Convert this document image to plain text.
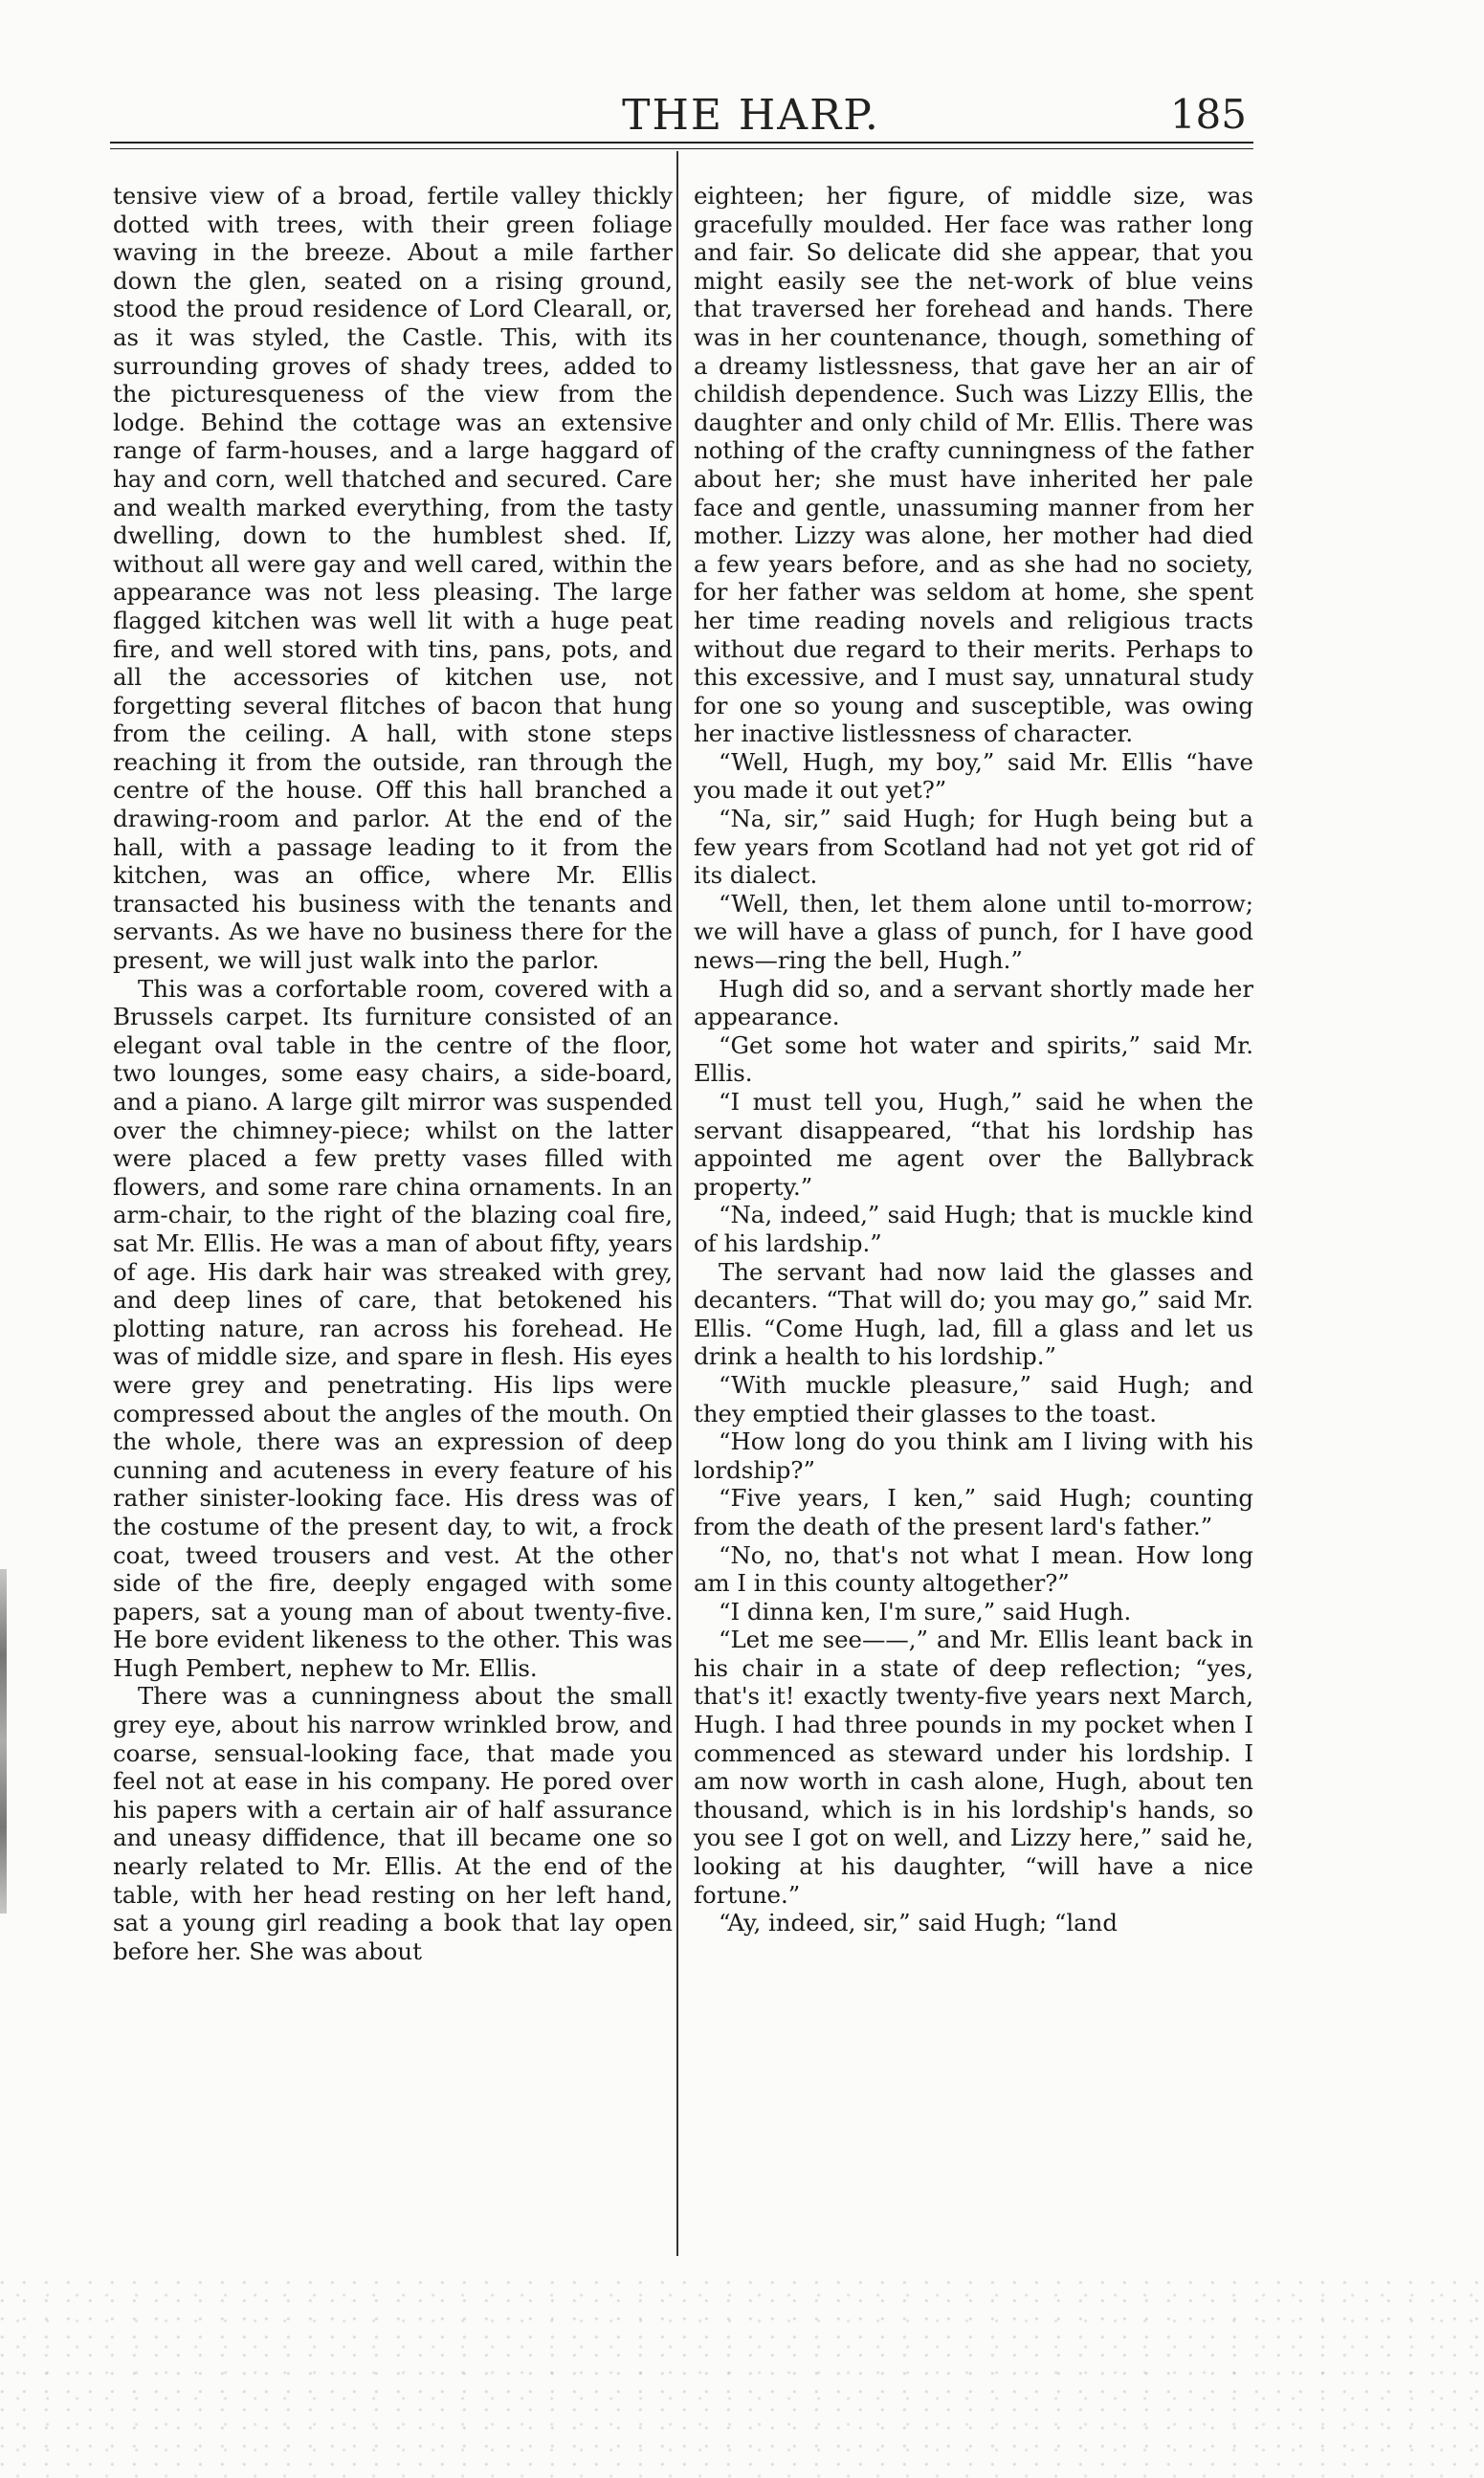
THE HARP.	185

tensive view of a broad, fertile valley thickly dotted with trees, with their green foliage waving in the breeze. About a mile farther down the glen, seated on a rising ground, stood the proud residence of Lord Clearall, or, as it was styled, the Castle. This, with its surrounding groves of shady trees, added to the picturesqueness of the view from the lodge. Behind the cottage was an extensive range of farm-houses, and a large haggard of hay and corn, well thatched and secured. Care and wealth marked everything, from the tasty dwelling, down to the humblest shed. If, without all were gay and well cared, within the appearance was not less pleasing. The large flagged kitchen was well lit with a huge peat fire, and well stored with tins, pans, pots, and all the accessories of kitchen use, not forgetting several flitches of bacon that hung from the ceiling. A hall, with stone steps reaching it from the outside, ran through the centre of the house. Off this hall branched a drawing-room and parlor. At the end of the hall, with a passage leading to it from the kitchen, was an office, where Mr. Ellis transacted his business with the tenants and servants. As we have no business there for the present, we will just walk into the parlor.

This was a corfortable room, covered with a Brussels carpet. Its furniture consisted of an elegant oval table in the centre of the floor, two lounges, some easy chairs, a side-board, and a piano. A large gilt mirror was suspended over the chimney-piece; whilst on the latter were placed a few pretty vases filled with flowers, and some rare china ornaments. In an arm-chair, to the right of the blazing coal fire, sat Mr. Ellis. He was a man of about fifty, years of age. His dark hair was streaked with grey, and deep lines of care, that betokened his plotting nature, ran across his forehead. He was of middle size, and spare in flesh. His eyes were grey and penetrating. His lips were compressed about the angles of the mouth. On the whole, there was an expression of deep cunning and acuteness in every feature of his rather sinister-looking face. His dress was of the costume of the present day, to wit, a frock coat, tweed trousers and vest. At the other side of the fire, deeply engaged with some papers, sat a young man of about twenty-five. He bore evident likeness to the other. This was Hugh Pembert, nephew to Mr. Ellis.

There was a cunningness about the small grey eye, about his narrow wrinkled brow, and coarse, sensual-looking face, that made you feel not at ease in his company. He pored over his papers with a certain air of half assurance and uneasy diffidence, that ill became one so nearly related to Mr. Ellis. At the end of the table, with her head resting on her left hand, sat a young girl reading a book that lay open before her. She was about

eighteen; her figure, of middle size, was gracefully moulded. Her face was rather long and fair. So delicate did she appear, that you might easily see the net-work of blue veins that traversed her forehead and hands. There was in her countenance, though, something of a dreamy listlessness, that gave her an air of childish dependence. Such was Lizzy Ellis, the daughter and only child of Mr. Ellis. There was nothing of the crafty cunningness of the father about her; she must have inherited her pale face and gentle, unassuming manner from her mother. Lizzy was alone, her mother had died a few years before, and as she had no society, for her father was seldom at home, she spent her time reading novels and religious tracts without due regard to their merits. Perhaps to this excessive, and I must say, unnatural study for one so young and susceptible, was owing her inactive listlessness of character.

“Well, Hugh, my boy,” said Mr. Ellis “have you made it out yet?”

“Na, sir,” said Hugh; for Hugh being but a few years from Scotland had not yet got rid of its dialect.

“Well, then, let them alone until to-morrow; we will have a glass of punch, for I have good news—ring the bell, Hugh.”

Hugh did so, and a servant shortly made her appearance.

“Get some hot water and spirits,” said Mr. Ellis.

“I must tell you, Hugh,” said he when the servant disappeared, “that his lordship has appointed me agent over the Ballybrack property.”

“Na, indeed,” said Hugh; that is muckle kind of his lardship.”

The servant had now laid the glasses and decanters. “That will do; you may go,” said Mr. Ellis. “Come Hugh, lad, fill a glass and let us drink a health to his lordship.”

“With muckle pleasure,” said Hugh; and they emptied their glasses to the toast.

“How long do you think am I living with his lordship?”

“Five years, I ken,” said Hugh; counting from the death of the present lard's father.”

“No, no, that's not what I mean. How long am I in this county altogether?”

“I dinna ken, I'm sure,” said Hugh.

“Let me see——,” and Mr. Ellis leant back in his chair in a state of deep reflection; “yes, that's it! exactly twenty-five years next March, Hugh. I had three pounds in my pocket when I commenced as steward under his lordship. I am now worth in cash alone, Hugh, about ten thousand, which is in his lordship's hands, so you see I got on well, and Lizzy here,” said he, looking at his daughter, “will have a nice fortune.”

“Ay, indeed, sir,” said Hugh; “land
